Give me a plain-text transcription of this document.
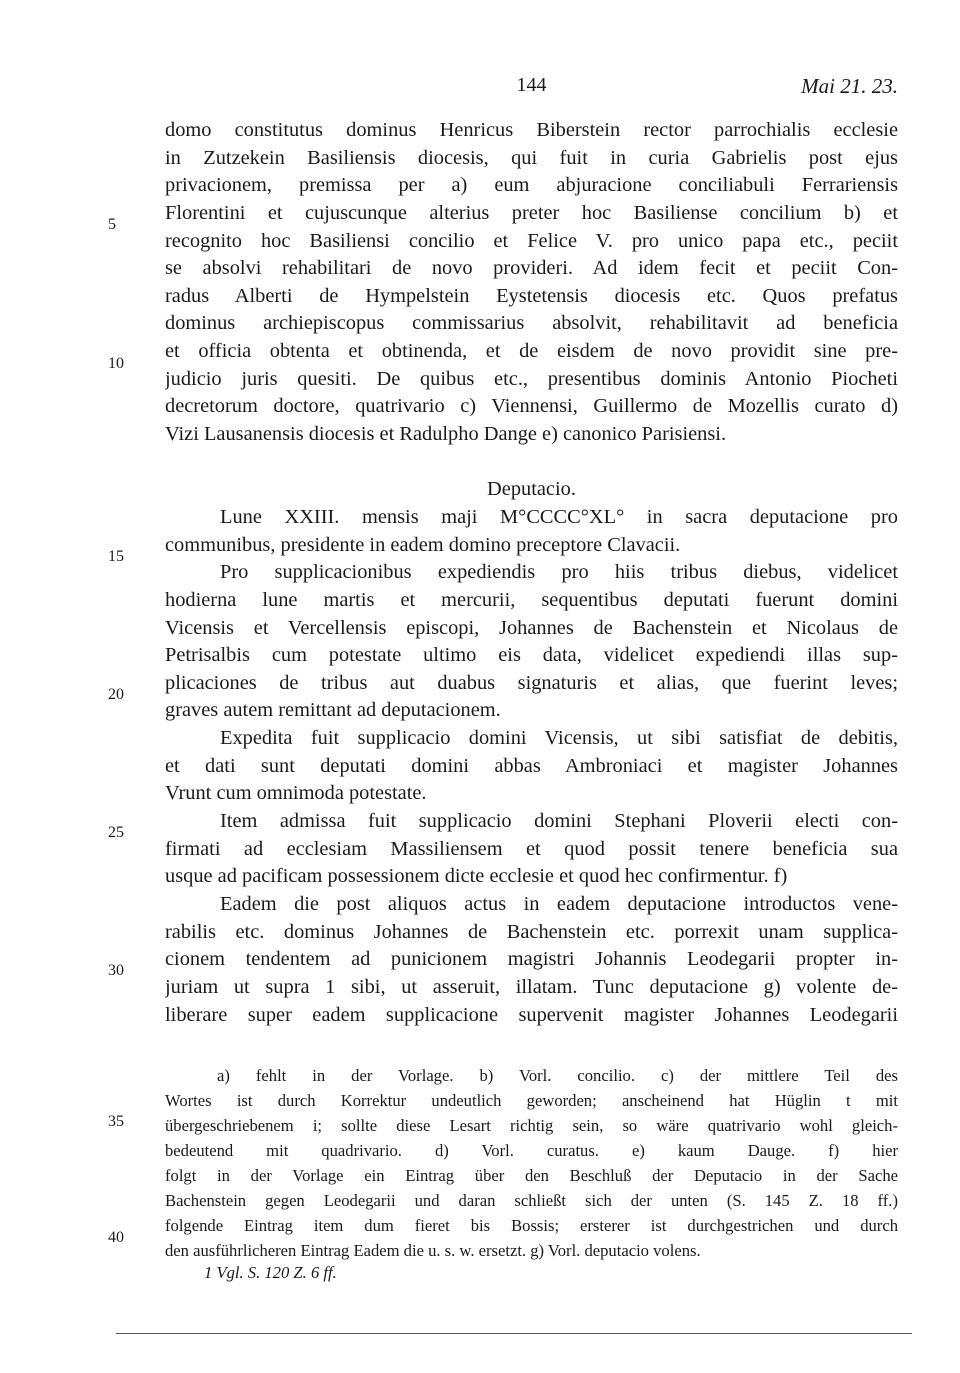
144	Mai 21. 23.
domo constitutus dominus Henricus Biberstein rector parrochialis ecclesie
in Zutzekein Basiliensis diocesis, qui fuit in curia Gabrielis post ejus
privacionem, premissa per a) eum abjuracione conciliabuli Ferrariensis
Florentini et cujuscunque alterius preter hoc Basiliense concilium b) et
recognito hoc Basiliensi concilio et Felice V. pro unico papa etc., peciit
se absolvi rehabilitari de novo provideri. Ad idem fecit et peciit Con-
radus Alberti de Hympelstein Eystetensis diocesis etc. Quos prefatus
dominus archiepiscopus commissarius absolvit, rehabilitavit ad beneficia
et officia obtenta et obtinenda, et de eisdem de novo providit sine pre-
judicio juris quesiti. De quibus etc., presentibus dominis Antonio Piocheti
decretorum doctore, quatrivario c) Viennensi, Guillermo de Mozellis curato d)
Vizi Lausanensis diocesis et Radulpho Dange e) canonico Parisiensi.
Deputacio.
Lune XXIII. mensis maji M°CCCC°XL° in sacra deputacione pro
communibus, presidente in eadem domino preceptore Clavacii.
Pro supplicacionibus expediendis pro hiis tribus diebus, videlicet
hodierna lune martis et mercurii, sequentibus deputati fuerunt domini
Vicensis et Vercellensis episcopi, Johannes de Bachenstein et Nicolaus de
Petrisalbis cum potestate ultimo eis data, videlicet expediendi illas sup-
plicaciones de tribus aut duabus signaturis et alias, que fuerint leves;
graves autem remittant ad deputacionem.
Expedita fuit supplicacio domini Vicensis, ut sibi satisfiat de debitis,
et dati sunt deputati domini abbas Ambroniaci et magister Johannes
Vrunt cum omnimoda potestate.
Item admissa fuit supplicacio domini Stephani Ploverii electi con-
firmati ad ecclesiam Massiliensem et quod possit tenere beneficia sua
usque ad pacificam possessionem dicte ecclesie et quod hec confirmentur. f)
Eadem die post aliquos actus in eadem deputacione introductos vene-
rabilis etc. dominus Johannes de Bachenstein etc. porrexit unam supplica-
cionem tendentem ad punicionem magistri Johannis Leodegarii propter in-
juriam ut supra 1 sibi, ut asseruit, illatam. Tunc deputacione g) volente de-
liberare super eadem supplicacione supervenit magister Johannes Leodegarii
a) fehlt in der Vorlage. b) Vorl. concilio. c) der mittlere Teil des
Wortes ist durch Korrektur undeutlich geworden; anscheinend hat Hüglin t mit
übergeschriebenem i; sollte diese Lesart richtig sein, so wäre quatrivario wohl gleich-
bedeutend mit quadrivario. d) Vorl. curatus. e) kaum Dauge. f) hier
folgt in der Vorlage ein Eintrag über den Beschluß der Deputacio in der Sache
Bachenstein gegen Leodegarii und daran schließt sich der unten (S. 145 Z. 18 ff.)
folgende Eintrag item dum fieret bis Bossis; ersterer ist durchgestrichen und durch
den ausführlicheren Eintrag Eadem die u. s. w. ersetzt. g) Vorl. deputacio volens.
1 Vgl. S. 120 Z. 6 ff.
5
10
15
20
25
30
35
40
